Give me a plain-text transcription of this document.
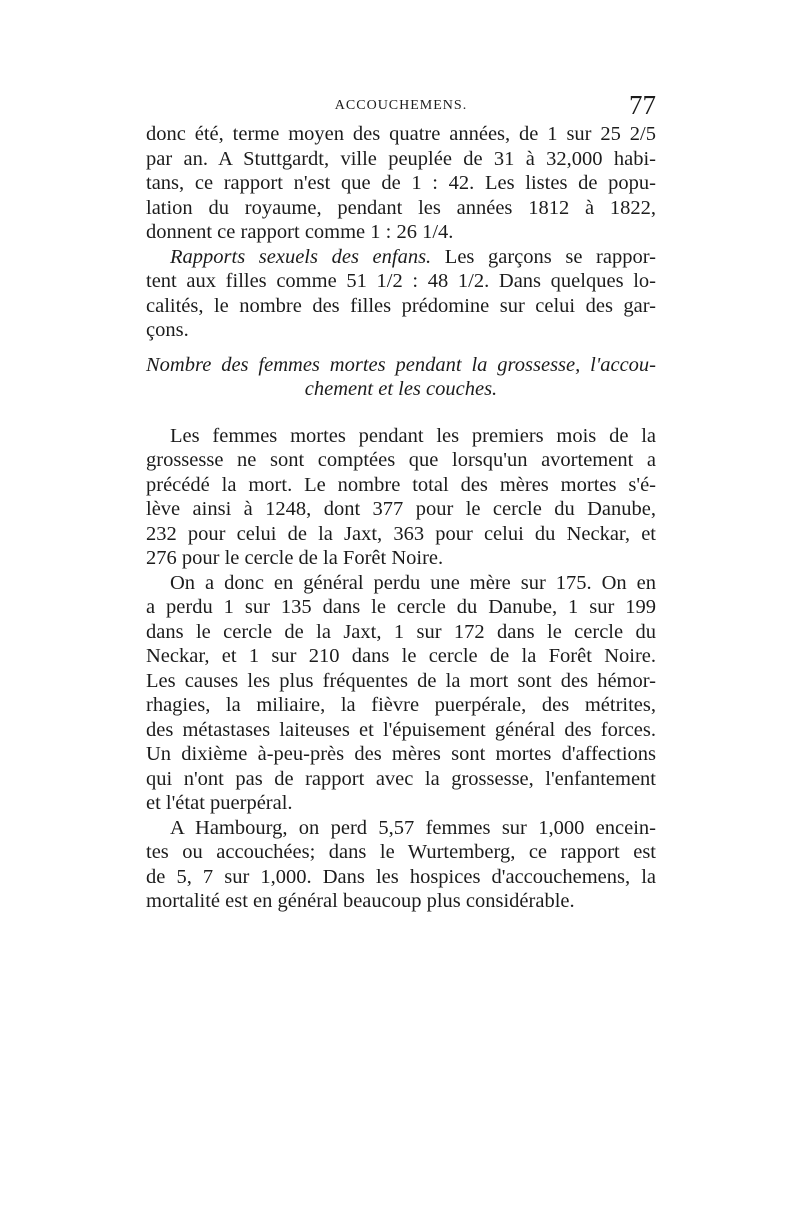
ACCOUCHEMENS.	77
donc été, terme moyen des quatre années, de 1 sur 25 2/5
par an. A Stuttgardt, ville peuplée de 31 à 32,000 habi-
tans, ce rapport n'est que de 1 : 42. Les listes de popu-
lation du royaume, pendant les années 1812 à 1822,
donnent ce rapport comme 1 : 26 1/4.
Rapports sexuels des enfans. Les garçons se rappor-
tent aux filles comme 51 1/2 : 48 1/2. Dans quelques lo-
calités, le nombre des filles prédomine sur celui des gar-
çons.
Nombre des femmes mortes pendant la grossesse, l'accou-
chement et les couches.
Les femmes mortes pendant les premiers mois de la
grossesse ne sont comptées que lorsqu'un avortement a
précédé la mort. Le nombre total des mères mortes s'é-
lève ainsi à 1248, dont 377 pour le cercle du Danube,
232 pour celui de la Jaxt, 363 pour celui du Neckar, et
276 pour le cercle de la Forêt Noire.
On a donc en général perdu une mère sur 175. On en
a perdu 1 sur 135 dans le cercle du Danube, 1 sur 199
dans le cercle de la Jaxt, 1 sur 172 dans le cercle du
Neckar, et 1 sur 210 dans le cercle de la Forêt Noire.
Les causes les plus fréquentes de la mort sont des hémor-
rhagies, la miliaire, la fièvre puerpérale, des métrites,
des métastases laiteuses et l'épuisement général des forces.
Un dixième à-peu-près des mères sont mortes d'affections
qui n'ont pas de rapport avec la grossesse, l'enfantement
et l'état puerpéral.
A Hambourg, on perd 5,57 femmes sur 1,000 encein-
tes ou accouchées; dans le Wurtemberg, ce rapport est
de 5, 7 sur 1,000. Dans les hospices d'accouchemens, la
mortalité est en général beaucoup plus considérable.
